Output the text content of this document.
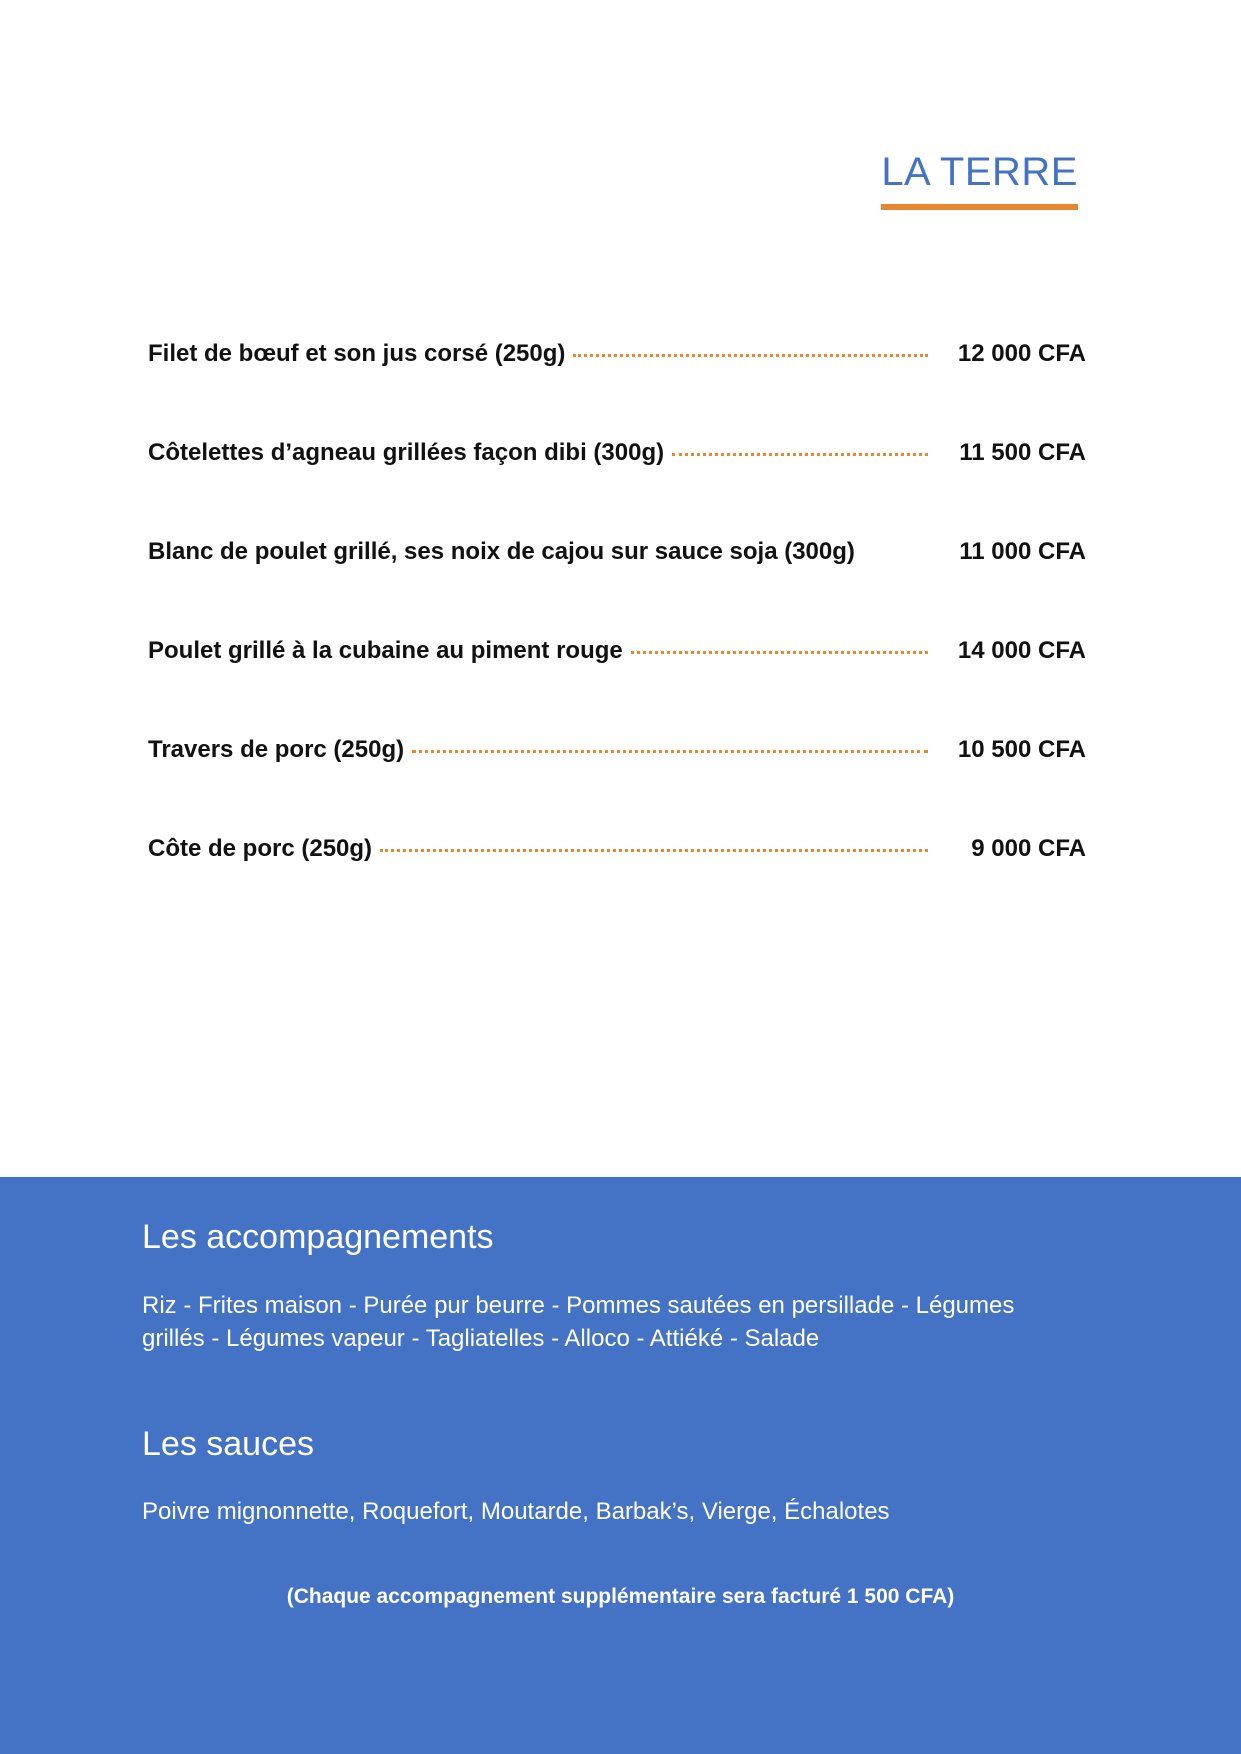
LA TERRE
Filet de bœuf et son jus corsé (250g)	12 000 CFA
Côtelettes d’agneau grillées façon dibi (300g)	11 500 CFA
Blanc de poulet grillé, ses noix de cajou sur sauce soja (300g)	11 000 CFA
Poulet grillé à la cubaine au piment rouge	14 000 CFA
Travers de porc (250g)	10 500 CFA
Côte de porc (250g)	9 000 CFA
Les accompagnements

Riz - Frites maison - Purée pur beurre - Pommes sautées en persillade - Légumes grillés - Légumes vapeur - Tagliatelles - Alloco - Attiéké - Salade

Les sauces

Poivre mignonnette, Roquefort, Moutarde, Barbak’s, Vierge, Échalotes

(Chaque accompagnement supplémentaire sera facturé 1 500 CFA)
